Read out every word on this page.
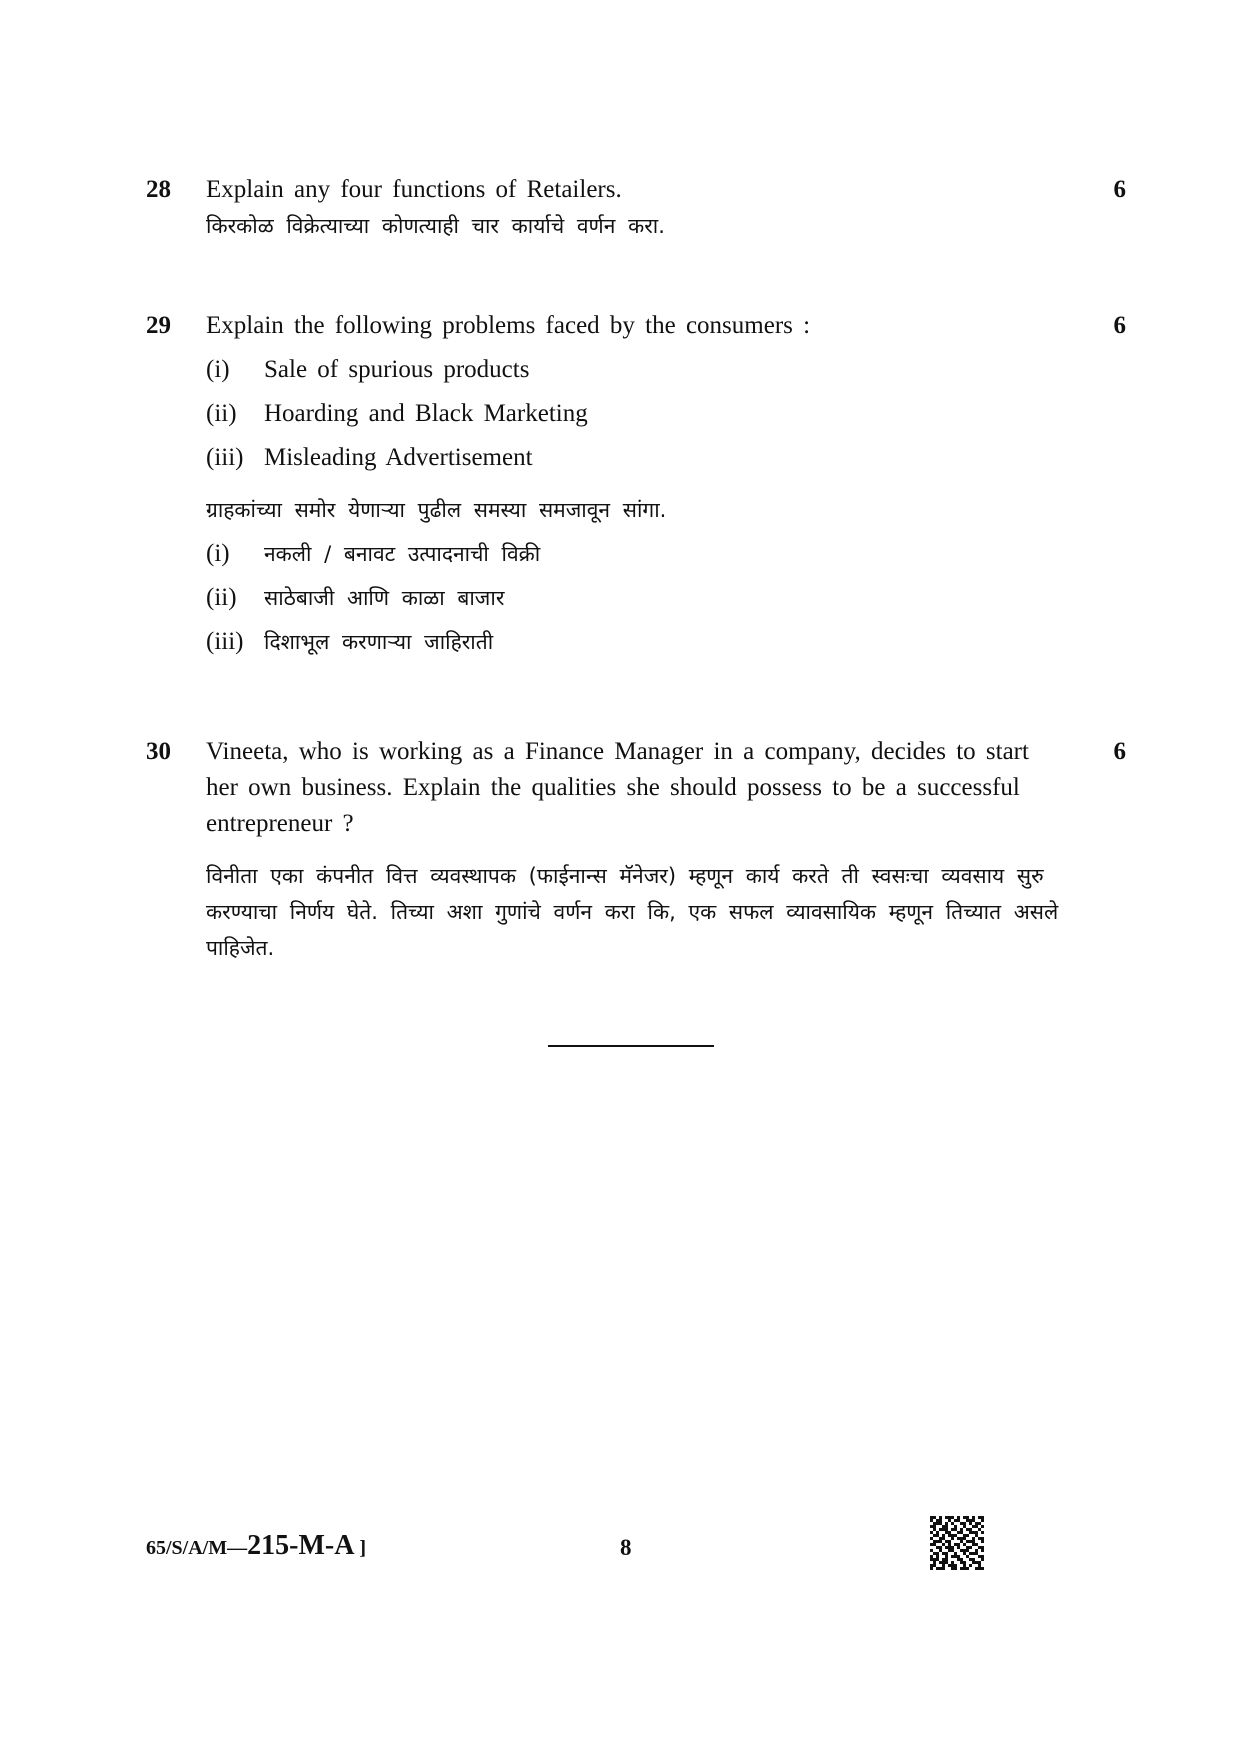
28 Explain any four functions of Retailers.

किरकोळ विक्रेत्याच्या कोणत्याही चार कार्याचे वर्णन करा.

6
29 Explain the following problems faced by the consumers :

(i)	Sale of spurious products
(ii)	Hoarding and Black Marketing
(iii) Misleading Advertisement

ग्राहकांच्या समोर येणाऱ्या पुढील समस्या समजावून सांगा.

(i)	नकली / बनावट उत्पादनाची विक्री
(ii)	साठेबाजी आणि काळा बाजार
(iii) दिशाभूल करणाऱ्या जाहिराती
6
30 Vineeta, who is working as a Finance Manager in a company, decides to start her own business. Explain the qualities she should possess to be a successful entrepreneur ?

विनीता एका कंपनीत वित्त व्यवस्थापक (फाईनान्स मॅनेजर) म्हणून कार्य करते ती स्वसःचा व्यवसाय सुरु करण्याचा निर्णय घेते. तिच्या अशा गुणांचे वर्णन करा कि, एक सफल व्यावसायिक म्हणून तिच्यात असले पाहिजेत.

6
65/S/A/M—215-M-A ]	8
